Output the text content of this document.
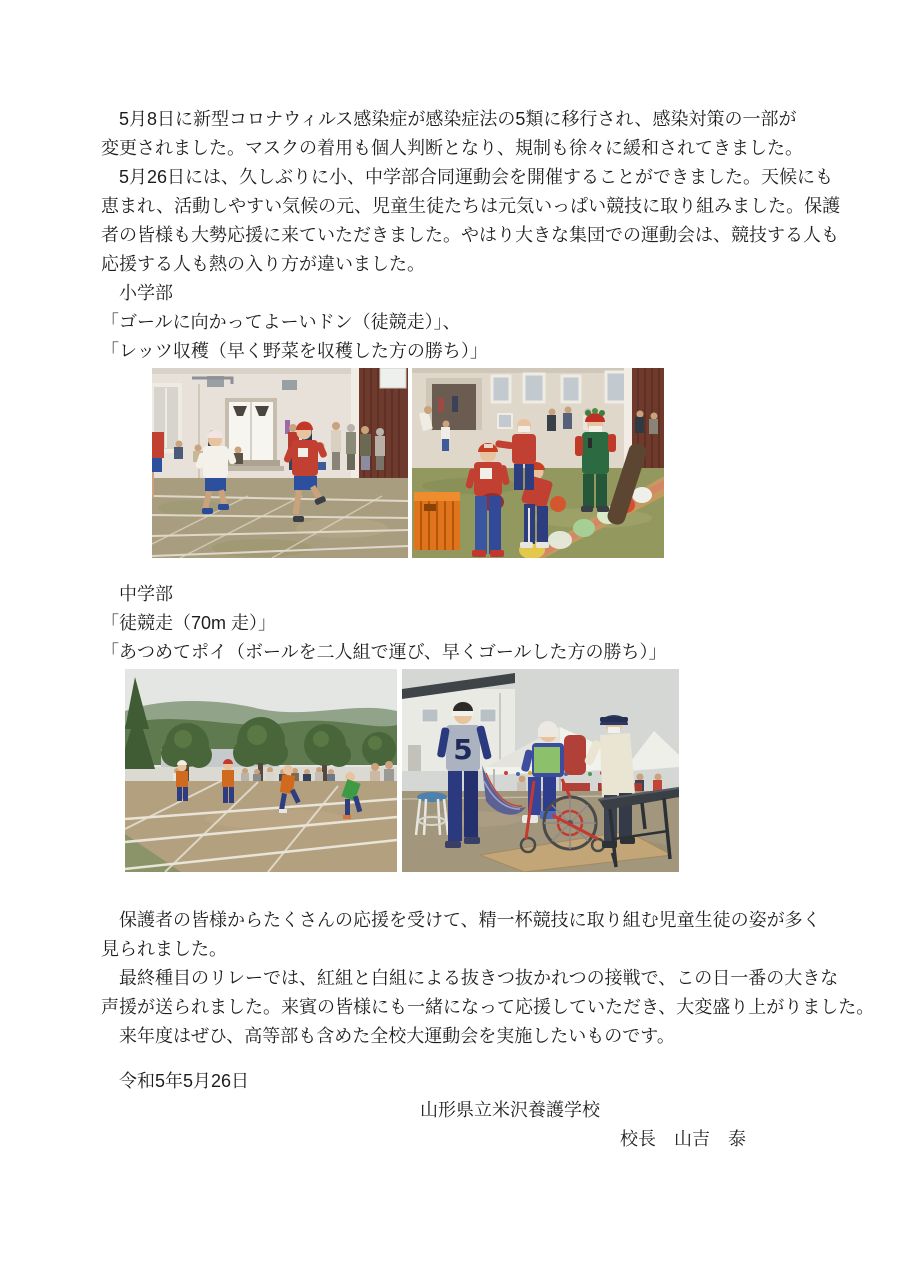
　5月8日に新型コロナウィルス感染症が感染症法の5類に移行され、感染対策の一部が
変更されました。マスクの着用も個人判断となり、規制も徐々に緩和されてきました。
　5月26日には、久しぶりに小、中学部合同運動会を開催することができました。天候にも
恵まれ、活動しやすい気候の元、児童生徒たちは元気いっぱい競技に取り組みました。保護
者の皆様も大勢応援に来ていただきました。やはり大きな集団での運動会は、競技する人も
応援する人も熱の入り方が違いました。
　小学部
「ゴールに向かってよーいドン（徒競走）」、
「レッツ収穫（早く野菜を収穫した方の勝ち）」

　中学部
「徒競走（70m 走）」
「あつめてポイ（ボールを二人組で運び、早くゴールした方の勝ち）」

5
　保護者の皆様からたくさんの応援を受けて、精一杯競技に取り組む児童生徒の姿が多く
見られました。
　最終種目のリレーでは、紅組と白組による抜きつ抜かれつの接戦で、この日一番の大きな
声援が送られました。来賓の皆様にも一緒になって応援していただき、大変盛り上がりました。
　来年度はぜひ、高等部も含めた全校大運動会を実施したいものです。
　令和5年5月26日
山形県立米沢養護学校
校長　山吉　泰
